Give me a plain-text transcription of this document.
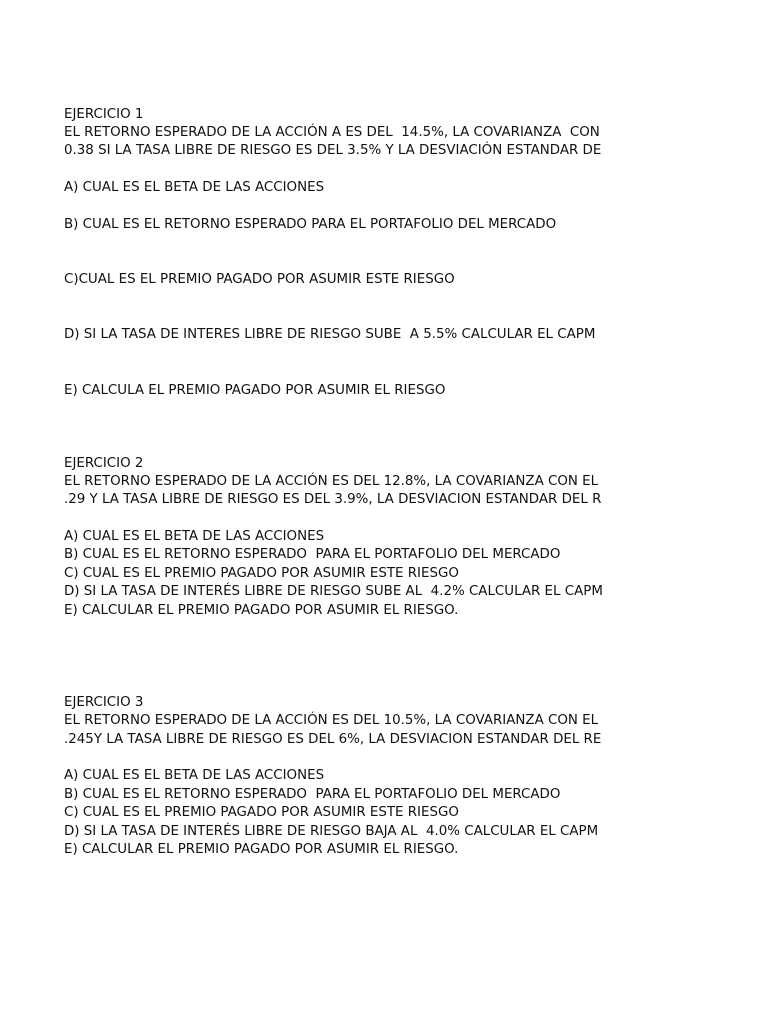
EJERCICIO 1
EL RETORNO ESPERADO DE LA ACCIÓN A ES DEL  14.5%, LA COVARIANZA  CON
0.38 SI LA TASA LIBRE DE RIESGO ES DEL 3.5% Y LA DESVIACIÓN ESTANDAR DE
A) CUAL ES EL BETA DE LAS ACCIONES
B) CUAL ES EL RETORNO ESPERADO PARA EL PORTAFOLIO DEL MERCADO
C)CUAL ES EL PREMIO PAGADO POR ASUMIR ESTE RIESGO
D) SI LA TASA DE INTERES LIBRE DE RIESGO SUBE  A 5.5% CALCULAR EL CAPM
E) CALCULA EL PREMIO PAGADO POR ASUMIR EL RIESGO
EJERCICIO 2
EL RETORNO ESPERADO DE LA ACCIÓN ES DEL 12.8%, LA COVARIANZA CON EL
.29 Y LA TASA LIBRE DE RIESGO ES DEL 3.9%, LA DESVIACION ESTANDAR DEL R
A) CUAL ES EL BETA DE LAS ACCIONES
B) CUAL ES EL RETORNO ESPERADO  PARA EL PORTAFOLIO DEL MERCADO
C) CUAL ES EL PREMIO PAGADO POR ASUMIR ESTE RIESGO
D) SI LA TASA DE INTERÉS LIBRE DE RIESGO SUBE AL  4.2% CALCULAR EL CAPM
E) CALCULAR EL PREMIO PAGADO POR ASUMIR EL RIESGO.
EJERCICIO 3
EL RETORNO ESPERADO DE LA ACCIÓN ES DEL 10.5%, LA COVARIANZA CON EL
.245Y LA TASA LIBRE DE RIESGO ES DEL 6%, LA DESVIACION ESTANDAR DEL RE
A) CUAL ES EL BETA DE LAS ACCIONES
B) CUAL ES EL RETORNO ESPERADO  PARA EL PORTAFOLIO DEL MERCADO
C) CUAL ES EL PREMIO PAGADO POR ASUMIR ESTE RIESGO
D) SI LA TASA DE INTERÉS LIBRE DE RIESGO BAJA AL  4.0% CALCULAR EL CAPM
E) CALCULAR EL PREMIO PAGADO POR ASUMIR EL RIESGO.
